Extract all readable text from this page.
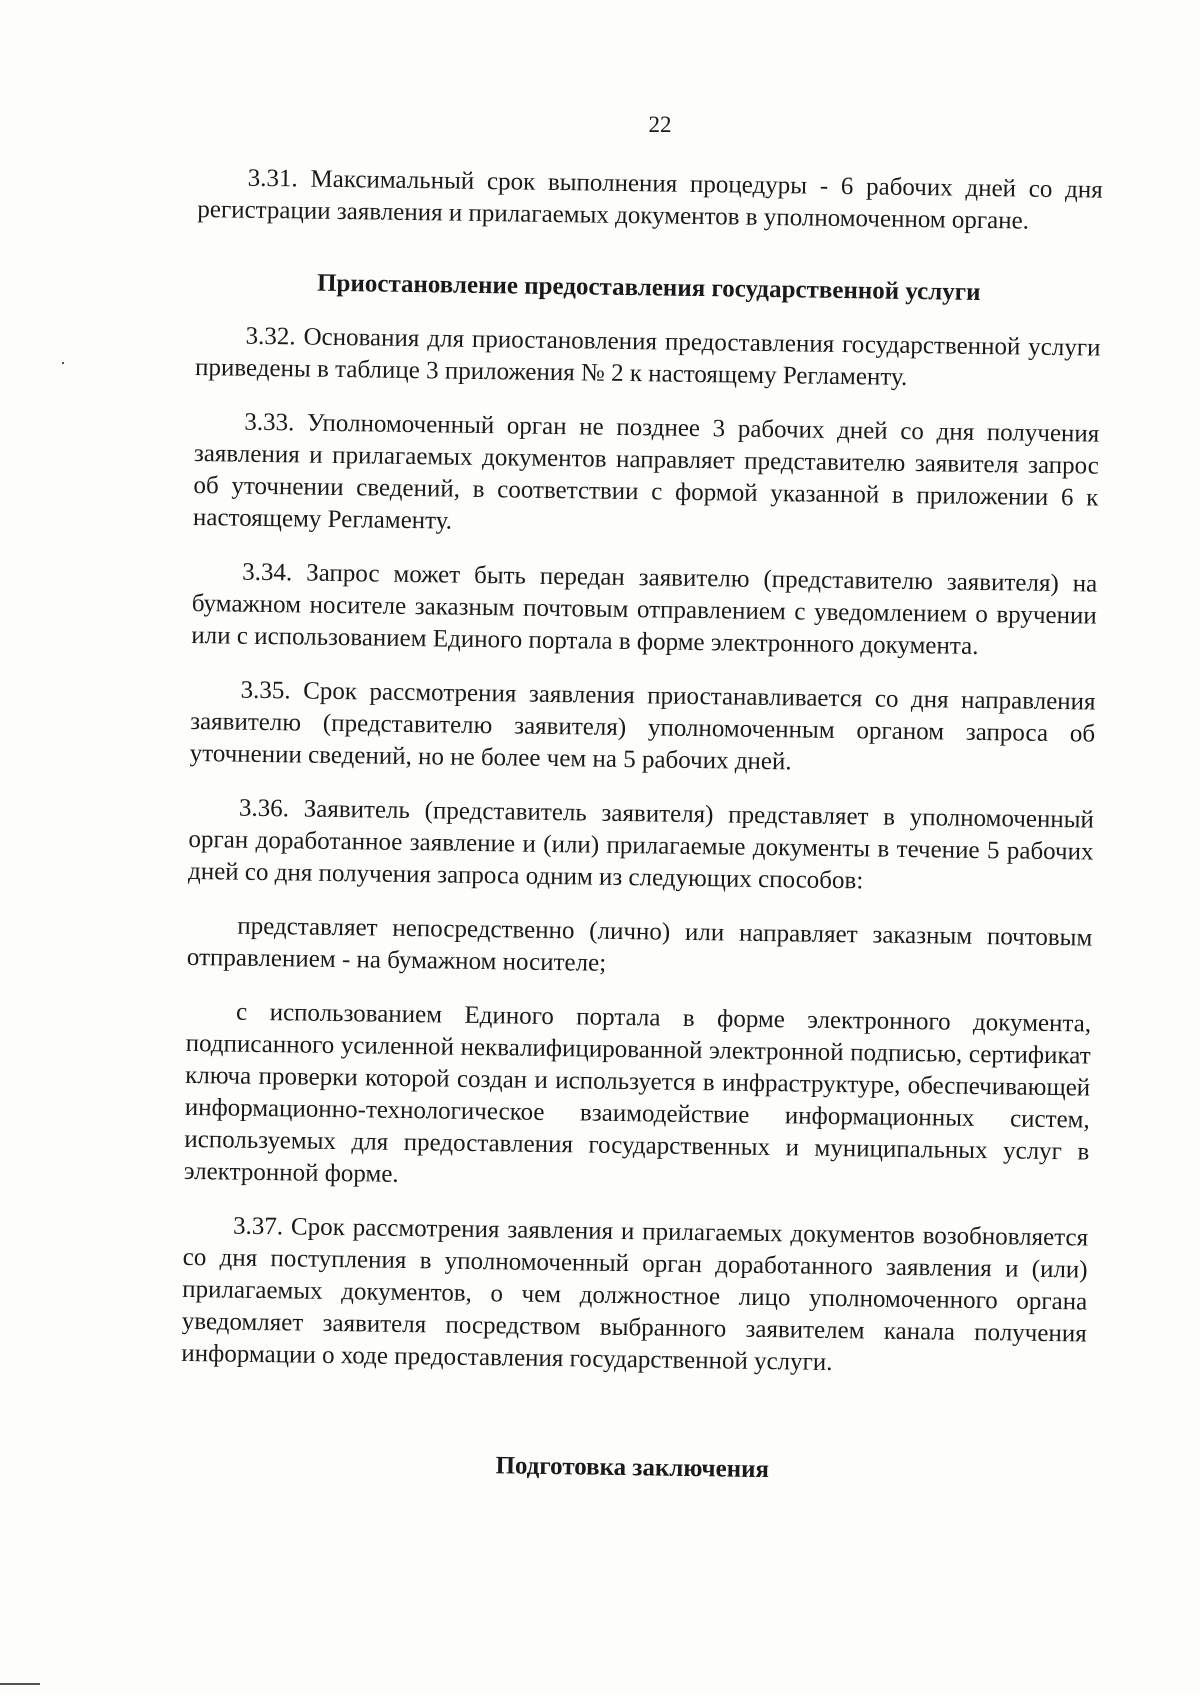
22

3.31. Максимальный срок выполнения процедуры - 6 рабочих дней со дня регистрации заявления и прилагаемых документов в уполномоченном органе.

Приостановление предоставления государственной услуги

3.32. Основания для приостановления предоставления государственной услуги приведены в таблице 3 приложения № 2 к настоящему Регламенту.

3.33. Уполномоченный орган не позднее 3 рабочих дней со дня получения заявления и прилагаемых документов направляет представителю заявителя запрос об уточнении сведений, в соответствии с формой указанной в приложении 6 к настоящему Регламенту.

3.34. Запрос может быть передан заявителю (представителю заявителя) на бумажном носителе заказным почтовым отправлением с уведомлением о вручении или с использованием Единого портала в форме электронного документа.

3.35. Срок рассмотрения заявления приостанавливается со дня направления заявителю (представителю заявителя) уполномоченным органом запроса об уточнении сведений, но не более чем на 5 рабочих дней.

3.36. Заявитель (представитель заявителя) представляет в уполномоченный орган доработанное заявление и (или) прилагаемые документы в течение 5 рабочих дней со дня получения запроса одним из следующих способов:

представляет непосредственно (лично) или направляет заказным почтовым отправлением - на бумажном носителе;

с использованием Единого портала в форме электронного документа, подписанного усиленной неквалифицированной электронной подписью, сертификат ключа проверки которой создан и используется в инфраструктуре, обеспечивающей информационно-технологическое взаимодействие информационных систем, используемых для предоставления государственных и муниципальных услуг в электронной форме.

3.37. Срок рассмотрения заявления и прилагаемых документов возобновляется со дня поступления в уполномоченный орган доработанного заявления и (или) прилагаемых документов, о чем должностное лицо уполномоченного органа уведомляет заявителя посредством выбранного заявителем канала получения информации о ходе предоставления государственной услуги.

Подготовка заключения
